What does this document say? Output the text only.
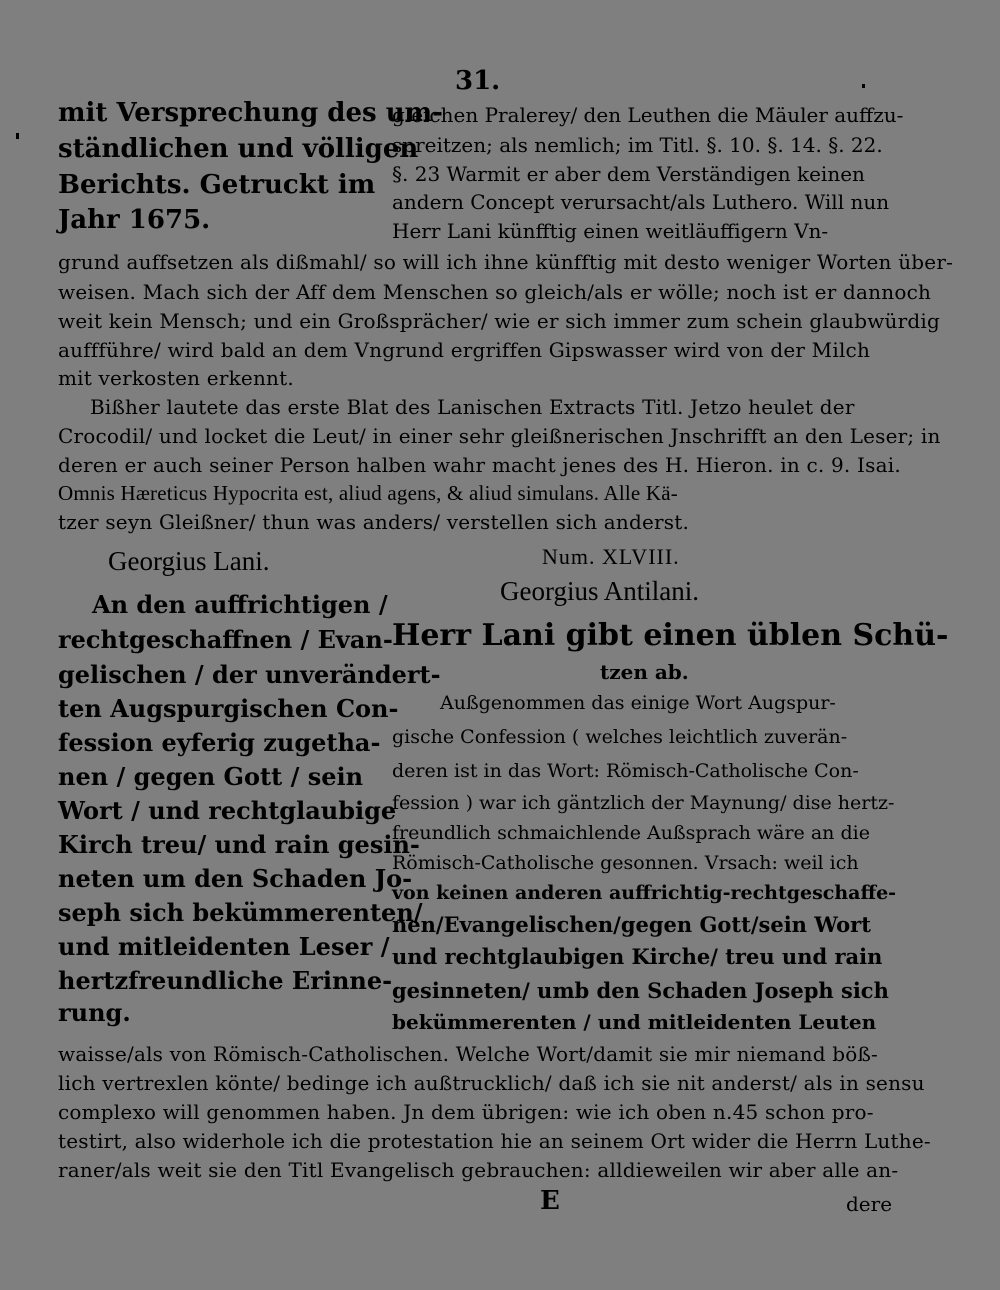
31.
mit Versprechung des um-
ständlichen und völligen
Berichts. Getruckt im
Jahr 1675.
gleichen Pralerey/ den Leuthen die Mäuler auffzu-
spreitzen; als nemlich; im Titl. §. 10. §. 14. §. 22.
§. 23 Warmit er aber dem Verständigen keinen
andern Concept verursacht/als Luthero. Will nun
Herr Lani künfftig einen weitläuffigern Vn-
grund auffsetzen als dißmahl/ so will ich ihne künfftig mit desto weniger Worten über-
weisen. Mach sich der Aff dem Menschen so gleich/als er wölle; noch ist er dannoch
weit kein Mensch; und ein Großsprächer/ wie er sich immer zum schein glaubwürdig
auffführe/ wird bald an dem Vngrund ergriffen Gipswasser wird von der Milch
mit verkosten erkennt.
Bißher lautete das erste Blat des Lanischen Extracts Titl. Jetzo heulet der
Crocodil/ und locket die Leut/ in einer sehr gleißnerischen Jnschrifft an den Leser; in
deren er auch seiner Person halben wahr macht jenes des H. Hieron. in c. 9. Isai.
Omnis Hæreticus Hypocrita est, aliud agens, & aliud simulans. Alle Kä-
tzer seyn Gleißner/ thun was anders/ verstellen sich anderst.
Georgius Lani.
An den auffrichtigen /
rechtgeschaffnen / Evan-
gelischen / der unverändert-
ten Augspurgischen Con-
fession eyferig zugetha-
nen / gegen Gott / sein
Wort / und rechtglaubige
Kirch treu/ und rain gesin-
neten um den Schaden Jo-
seph sich bekümmerenten/
und mitleidenten Leser /
hertzfreundliche Erinne-
rung.
Num. XLVIII.
Georgius Antilani.
Herr Lani gibt einen üblen Schü-
tzen ab.
Außgenommen das einige Wort Augspur-
gische Confession ( welches leichtlich zuverän-
deren ist in das Wort: Römisch-Catholische Con-
fession ) war ich gäntzlich der Maynung/ dise hertz-
freundlich schmaichlende Außsprach wäre an die
Römisch-Catholische gesonnen. Vrsach: weil ich
von keinen anderen auffrichtig-rechtgeschaffe-
nen/Evangelischen/gegen Gott/sein Wort
und rechtglaubigen Kirche/ treu und rain
gesinneten/ umb den Schaden Joseph sich
bekümmerenten / und mitleidenten Leuten
waisse/als von Römisch-Catholischen. Welche Wort/damit sie mir niemand böß-
lich vertrexlen könte/ bedinge ich außtrucklich/ daß ich sie nit anderst/ als in sensu
complexo will genommen haben. Jn dem übrigen: wie ich oben n.45 schon pro-
testirt, also widerhole ich die protestation hie an seinem Ort wider die Herrn Luthe-
raner/als weit sie den Titl Evangelisch gebrauchen: alldieweilen wir aber alle an-
E	dere
